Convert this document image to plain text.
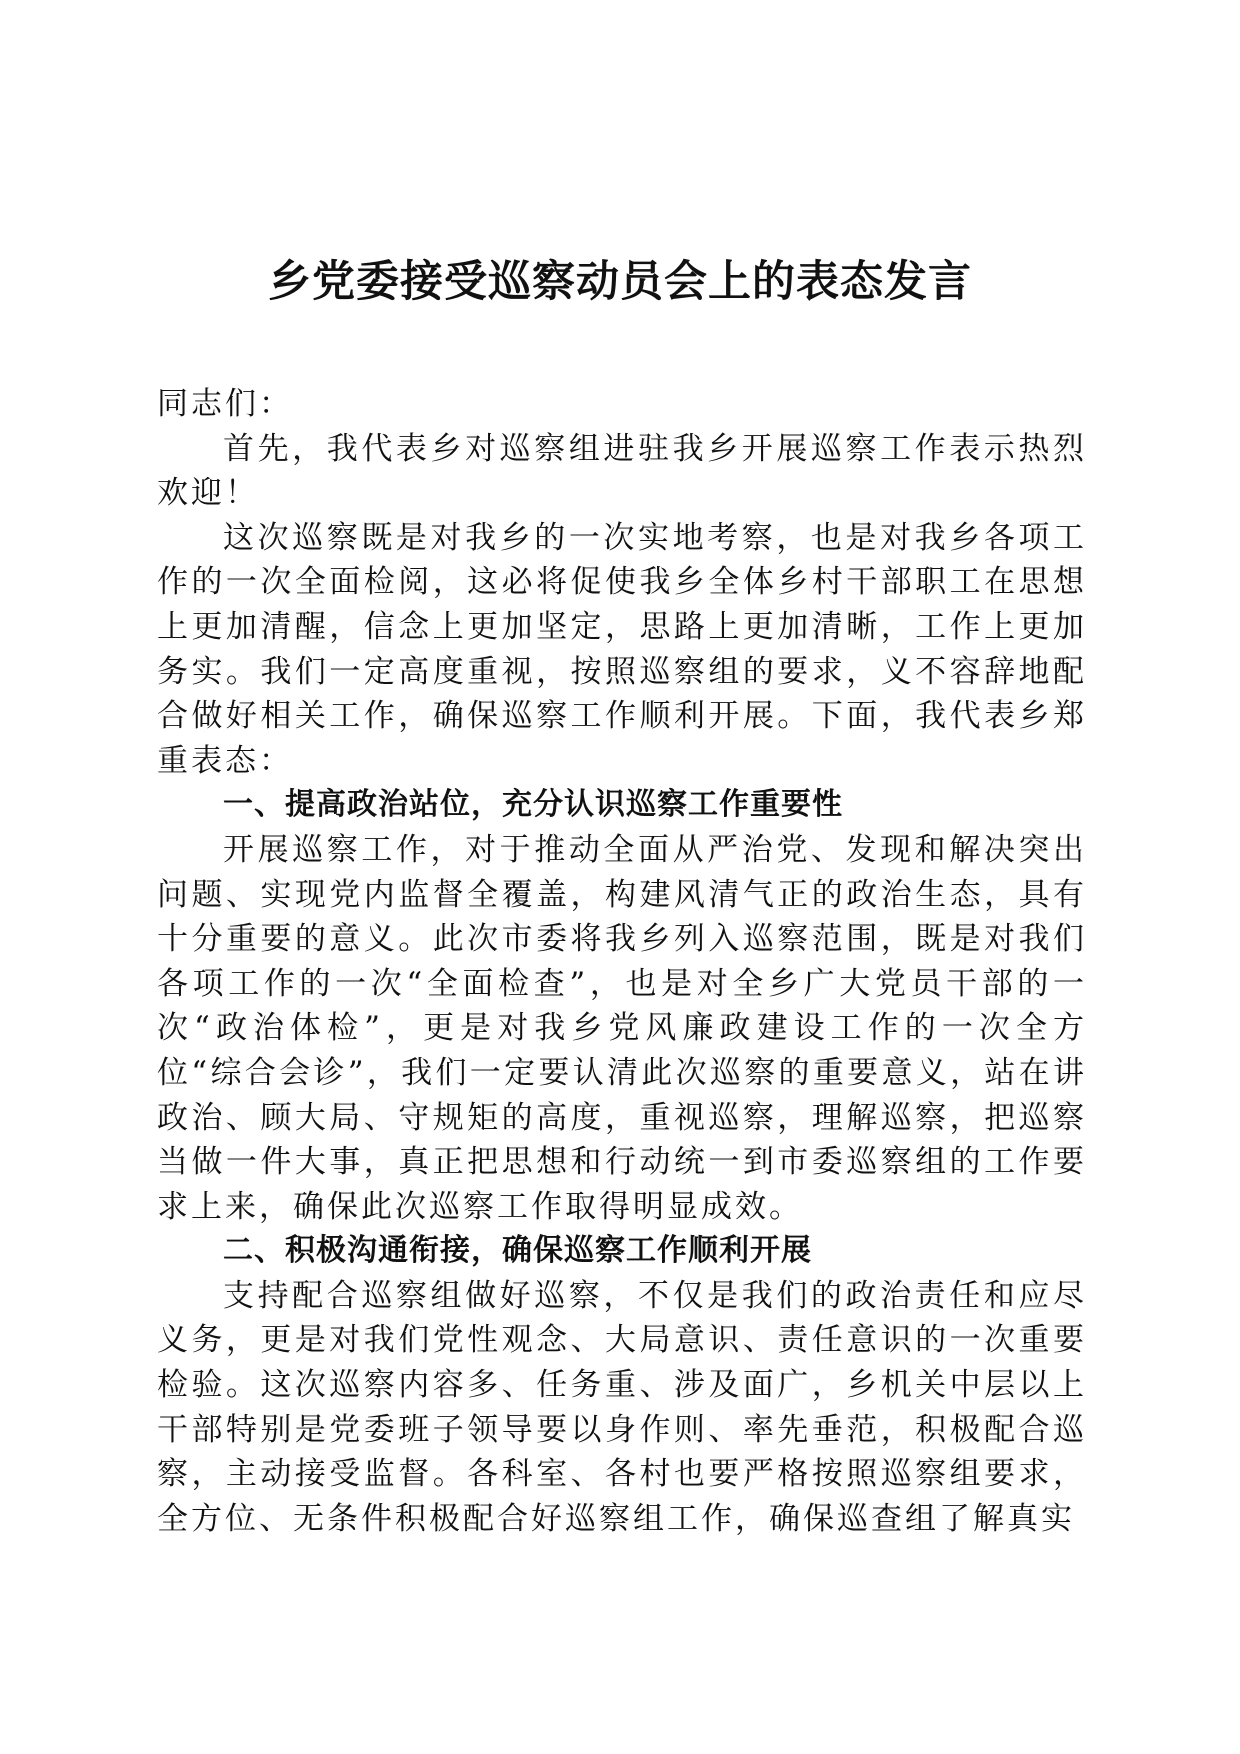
乡党委接受巡察动员会上的表态发言

同志们：

首先，我代表乡对巡察组进驻我乡开展巡察工作表示热烈欢迎！

这次巡察既是对我乡的一次实地考察，也是对我乡各项工作的一次全面检阅，这必将促使我乡全体乡村干部职工在思想上更加清醒，信念上更加坚定，思路上更加清晰，工作上更加务实。我们一定高度重视，按照巡察组的要求，义不容辞地配合做好相关工作，确保巡察工作顺利开展。下面，我代表乡郑重表态：

一、提高政治站位，充分认识巡察工作重要性

开展巡察工作，对于推动全面从严治党、发现和解决突出问题、实现党内监督全覆盖，构建风清气正的政治生态，具有十分重要的意义。此次市委将我乡列入巡察范围，既是对我们各项工作的一次“全面检查”，也是对全乡广大党员干部的一次“政治体检”，更是对我乡党风廉政建设工作的一次全方位“综合会诊”，我们一定要认清此次巡察的重要意义，站在讲政治、顾大局、守规矩的高度，重视巡察，理解巡察，把巡察当做一件大事，真正把思想和行动统一到市委巡察组的工作要求上来，确保此次巡察工作取得明显成效。

二、积极沟通衔接，确保巡察工作顺利开展

支持配合巡察组做好巡察，不仅是我们的政治责任和应尽义务，更是对我们党性观念、大局意识、责任意识的一次重要检验。这次巡察内容多、任务重、涉及面广，乡机关中层以上干部特别是党委班子领导要以身作则、率先垂范，积极配合巡察，主动接受监督。各科室、各村也要严格按照巡察组要求，全方位、无条件积极配合好巡察组工作，确保巡查组了解真实
